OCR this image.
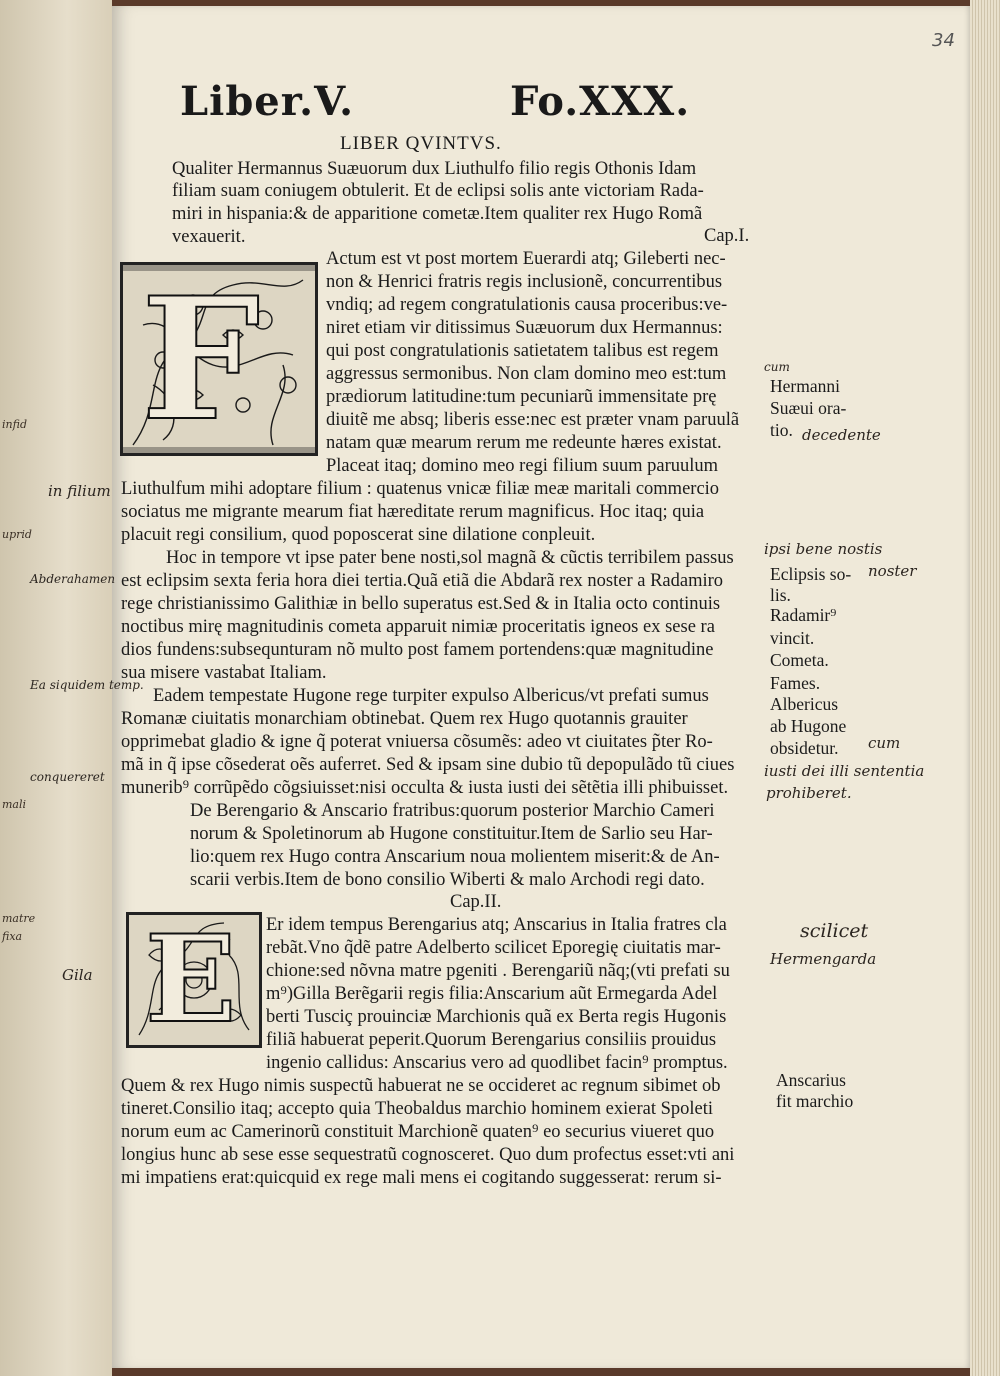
infid
uprid
mali
matre
fixa
34
Liber.V.	Fo.XXX.
LIBER QVINTVS.
Qualiter Hermannus Suæuorum dux Liuthulfo filio regis Othonis Idam
filiam suam coniugem obtulerit. Et de eclipsi solis ante victoriam Rada-
miri in hispania:& de apparitione cometæ.Item qualiter rex Hugo Romã
vexauerit.	Cap.I.
F
Actum est vt post mortem Euerardi atq; Gileberti nec-
non & Henrici fratris regis inclusionẽ, concurrentibus
vndiq; ad regem congratulationis causa proceribus:ve-
niret etiam vir ditissimus Suæuorum dux Hermannus:
qui post congratulationis satietatem talibus est regem
aggressus sermonibus. Non clam domino meo est:tum
prædiorum latitudine:tum pecuniarũ immensitate prę
diuitẽ me absq; liberis esse:nec est præter vnam paruulã
natam quæ mearum rerum me redeunte hæres existat.
Placeat itaq; domino meo regi filium suum paruulum
Liuthulfum mihi adoptare filium : quatenus vnicæ filiæ meæ maritali commercio
sociatus me migrante mearum fiat hæreditate rerum magnificus. Hoc itaq; quia
placuit regi consilium, quod poposcerat sine dilatione conpleuit.
Hoc in tempore vt ipse pater bene nosti,sol magnã & cũctis terribilem passus
est eclipsim sexta feria hora diei tertia.Quã etiã die Abdarã rex noster a Radamiro
rege christianissimo Galithiæ in bello superatus est.Sed & in Italia octo continuis
noctibus mirę magnitudinis cometa apparuit nimiæ proceritatis igneos ex sese ra
dios fundens:subsequnturam nõ multo post famem portendens:quæ magnitudine
sua misere vastabat Italiam.
Eadem tempestate Hugone rege turpiter expulso Albericus/vt prefati sumus
Romanæ ciuitatis monarchiam obtinebat. Quem rex Hugo quotannis grauiter
opprimebat gladio & igne q̃ poterat vniuersa cõsumẽs: adeo vt ciuitates p̃ter Ro-
mã in q̃ ipse cõsederat oẽs auferret. Sed & ipsam sine dubio tũ depopulãdo tũ ciues
munerib⁹ corrũpẽdo cõgsiuisset:nisi occulta & iusta iusti dei sẽtẽtia illi phibuisset.
De Berengario & Anscario fratribus:quorum posterior Marchio Cameri
norum & Spoletinorum ab Hugone constituitur.Item de Sarlio seu Har-
lio:quem rex Hugo contra Anscarium noua molientem miserit:& de An-
scarii verbis.Item de bono consilio Wiberti & malo Archodi regi dato.
Cap.II.
E Er idem tempus Berengarius atq; Anscarius in Italia fratres cla
rebãt.Vno q̃dẽ patre Adelberto scilicet Eporegię ciuitatis mar-
chione:sed nõvna matre pgeniti . Berengariũ nãq;(vti prefati su
m⁹)Gilla Berẽgarii regis filia:Anscarium aũt Ermegarda Adel
berti Tusciç prouinciæ Marchionis quã ex Berta regis Hugonis
filiã habuerat peperit.Quorum Berengarius consiliis prouidus
ingenio callidus: Anscarius vero ad quodlibet facin⁹ promptus.
Quem & rex Hugo nimis suspectũ habuerat ne se occideret ac regnum sibimet ob
tineret.Consilio itaq; accepto quia Theobaldus marchio hominem exierat Spoleti
norum eum ac Camerinorũ constituit Marchionẽ quaten⁹ eo securius viueret quo
longius hunc ab sese esse sequestratũ cognosceret. Quo dum profectus esset:vti ani
mi impatiens erat:quicquid ex rege mali mens ei cogitando suggesserat: rerum si-
Hermanni
Suæui ora-
tio.
Eclipsis so-
lis.
Radamir⁹
vincit.
Cometa.
Fames.
Albericus
ab Hugone
obsidetur.
Anscarius
fit marchio
cum
decedente
in filium
ipsi bene nostis
noster
Abderahamen
Ea siquidem temp.
cum
conquereret	iusti dei illi sententia
prohiberet.
scilicet
Hermengarda
Gila
